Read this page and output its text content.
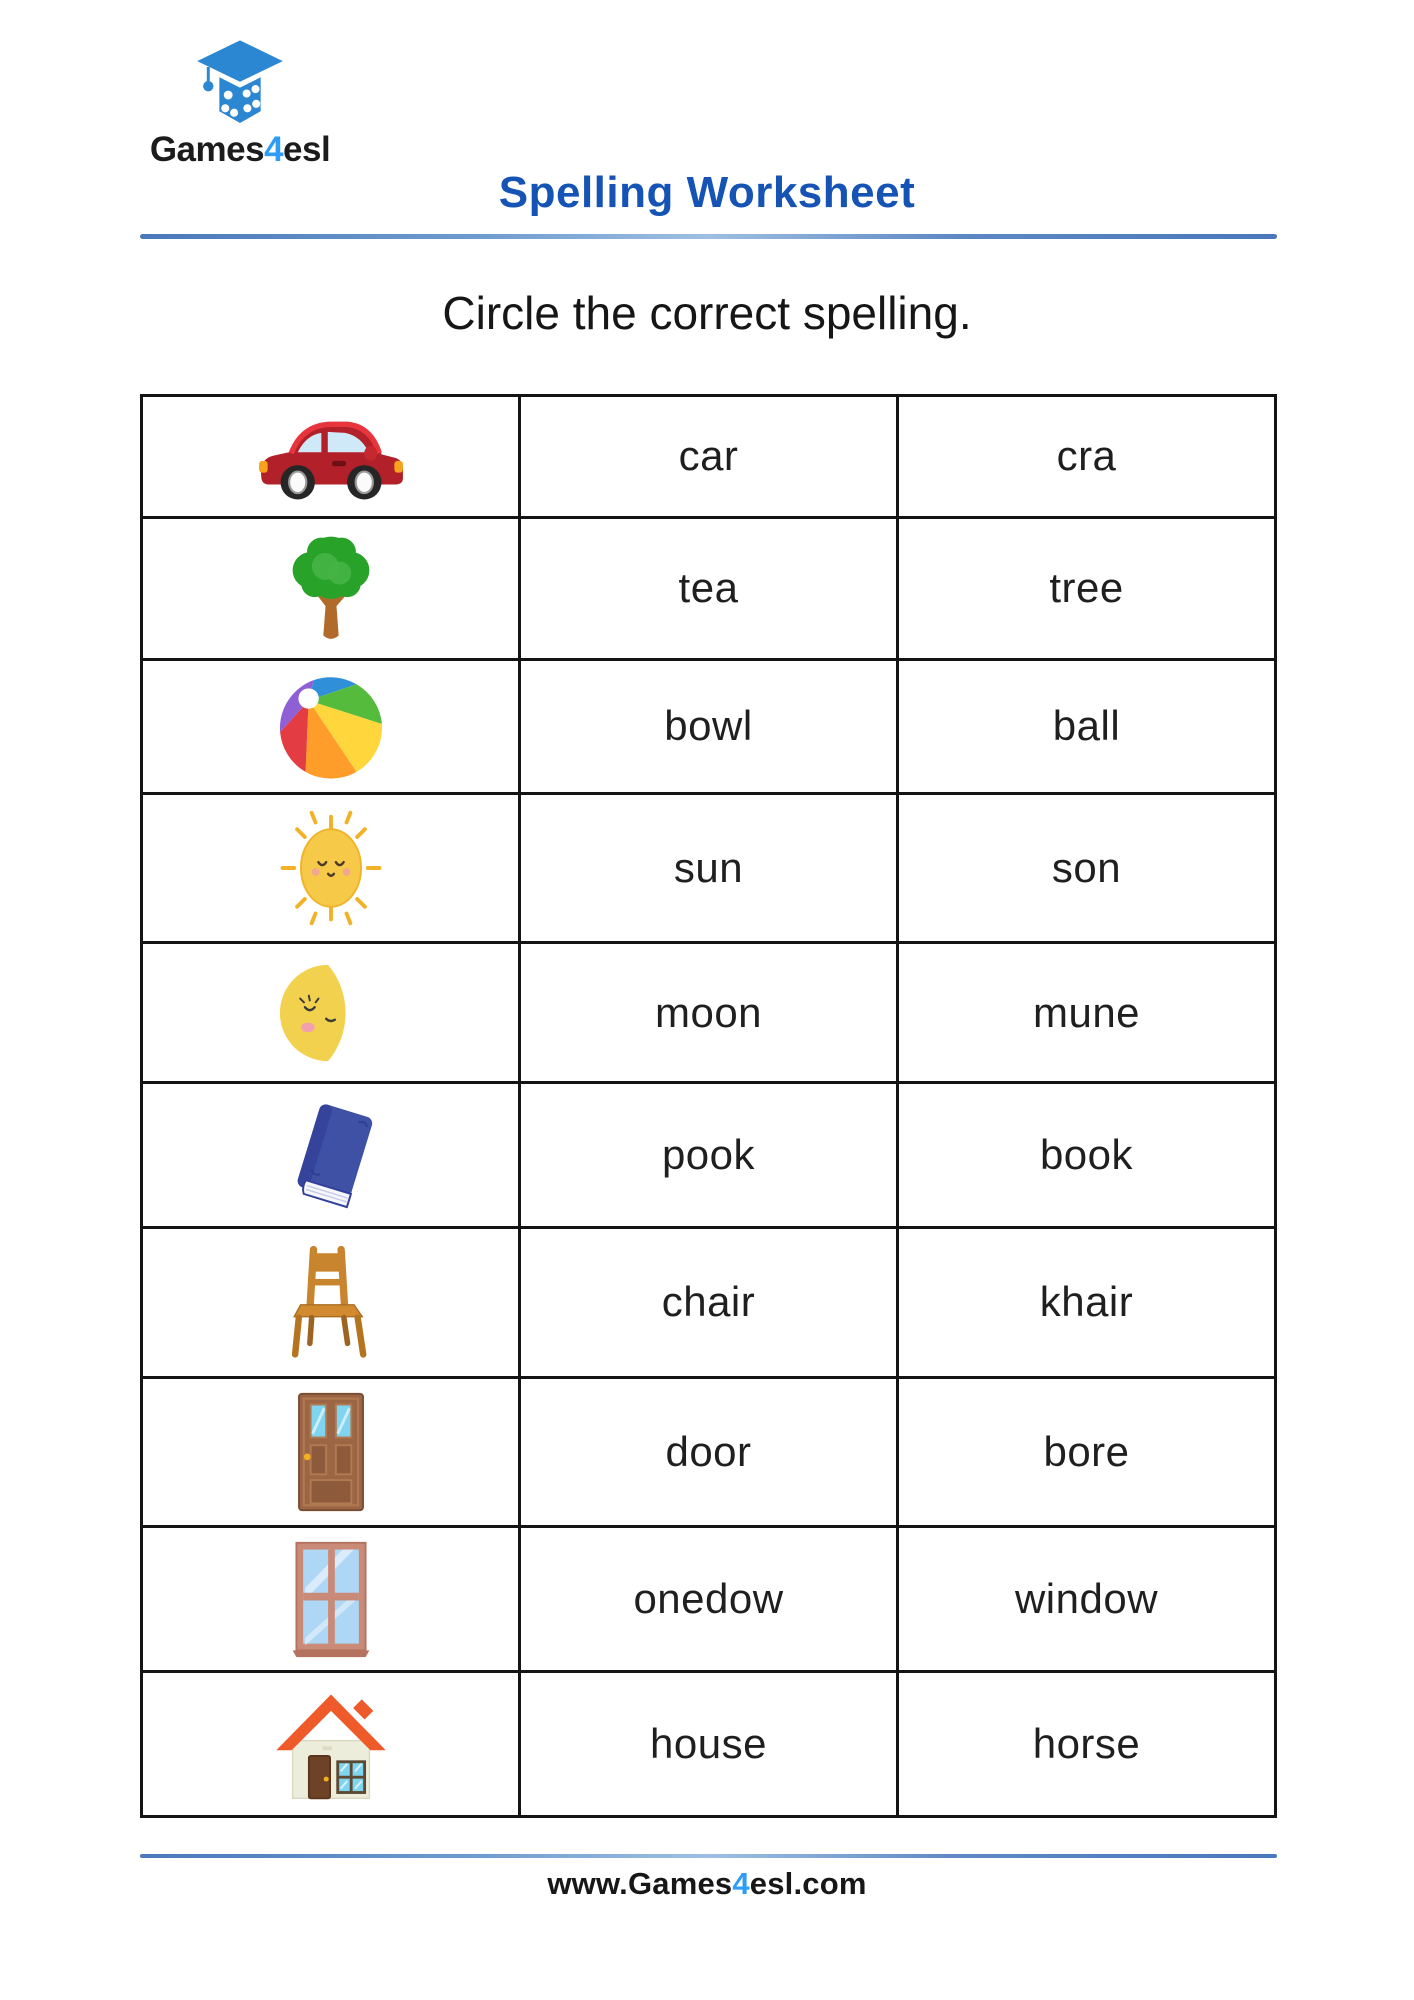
Games4esl
Spelling Worksheet
Circle the correct spelling.
	car	cra

	tea	tree

	bowl	ball

	sun	son

	moon	mune

	pook	book

	chair	khair

	door	bore

	onedow	window

	house	horse
www.Games4esl.com
